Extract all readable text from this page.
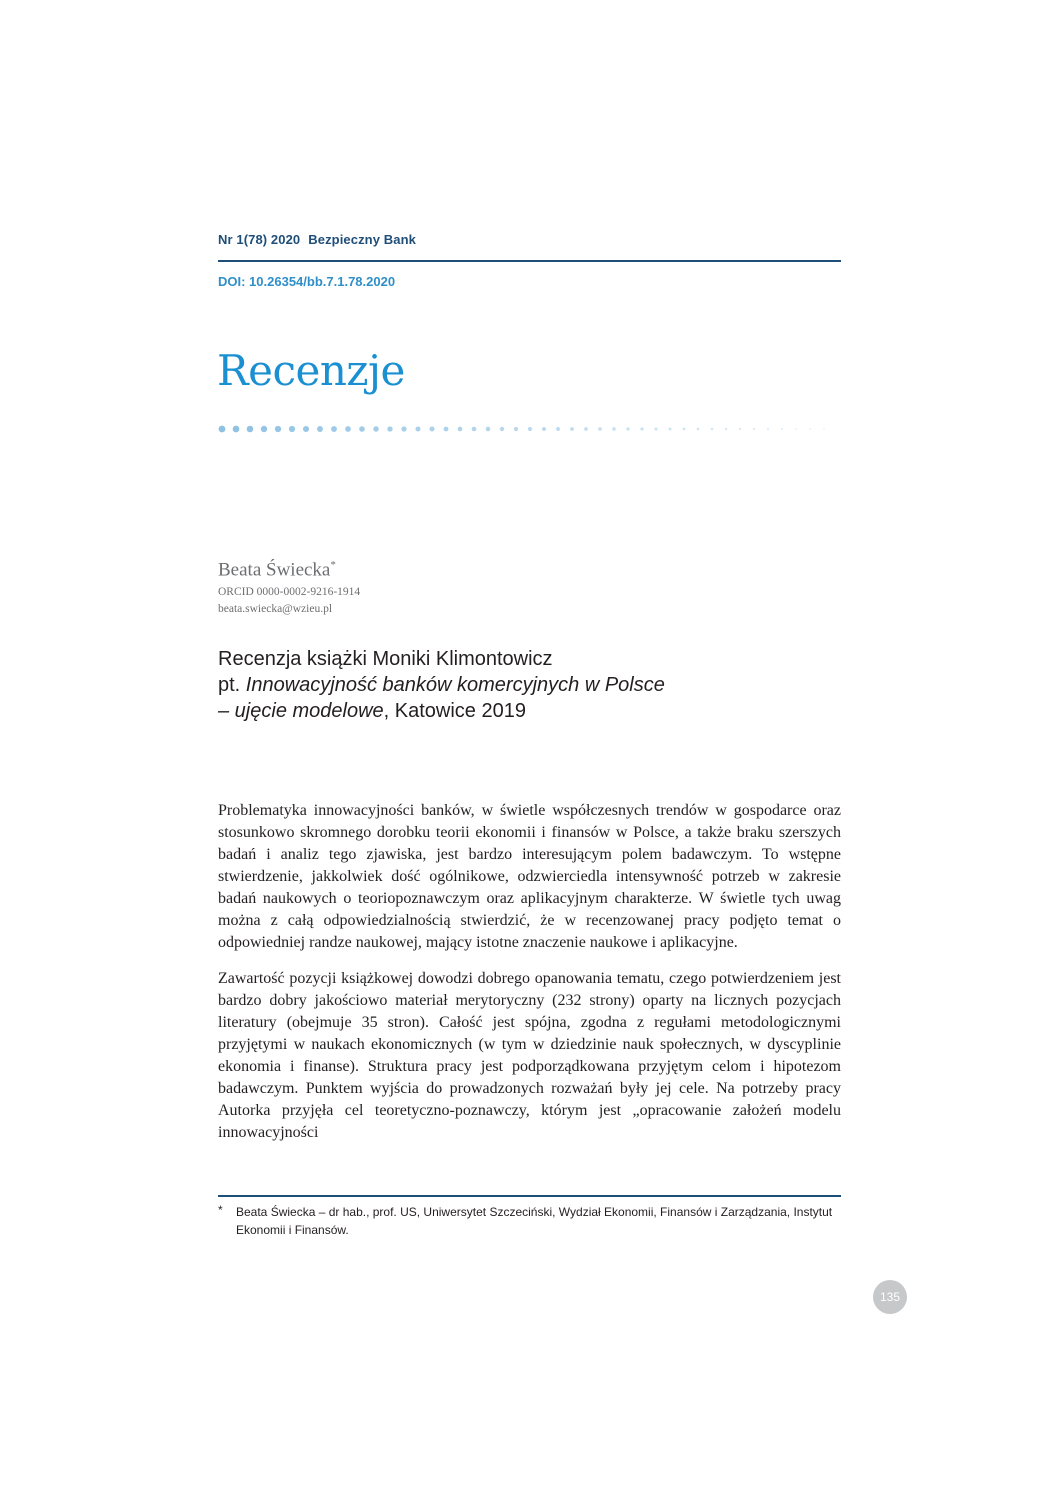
Nr 1(78) 2020 Bezpieczny Bank
DOI: 10.26354/bb.7.1.78.2020
Recenzje
Beata Świecka*
ORCID 0000-0002-9216-1914
beata.swiecka@wzieu.pl
Recenzja książki Moniki Klimontowicz
pt. Innowacyjność banków komercyjnych w Polsce
– ujęcie modelowe, Katowice 2019

Problematyka innowacyjności banków, w świetle współczesnych trendów w gospodarce oraz stosunkowo skromnego dorobku teorii ekonomii i finansów w Polsce, a także braku szerszych badań i analiz tego zjawiska, jest bardzo interesującym polem badawczym. To wstępne stwierdzenie, jakkolwiek dość ogólnikowe, odzwierciedla intensywność potrzeb w zakresie badań naukowych o teoriopoznawczym oraz aplikacyjnym charakterze. W świetle tych uwag można z całą odpowiedzialnością stwierdzić, że w recenzowanej pracy podjęto temat o odpowiedniej randze naukowej, mający istotne znaczenie naukowe i aplikacyjne.

Zawartość pozycji książkowej dowodzi dobrego opanowania tematu, czego potwierdzeniem jest bardzo dobry jakościowo materiał merytoryczny (232 strony) oparty na licznych pozycjach literatury (obejmuje 35 stron). Całość jest spójna, zgodna z regułami metodologicznymi przyjętymi w naukach ekonomicznych (w tym w dziedzinie nauk społecznych, w dyscyplinie ekonomia i finanse). Struktura pracy jest podporządkowana przyjętym celom i hipotezom badawczym. Punktem wyjścia do prowadzonych rozważań były jej cele. Na potrzeby pracy Autorka przyjęła cel teoretyczno-poznawczy, którym jest „opracowanie założeń modelu innowacyjności

* Beata Świecka – dr hab., prof. US, Uniwersytet Szczeciński, Wydział Ekonomii, Finansów i Zarządzania, Instytut Ekonomii i Finansów.
135
